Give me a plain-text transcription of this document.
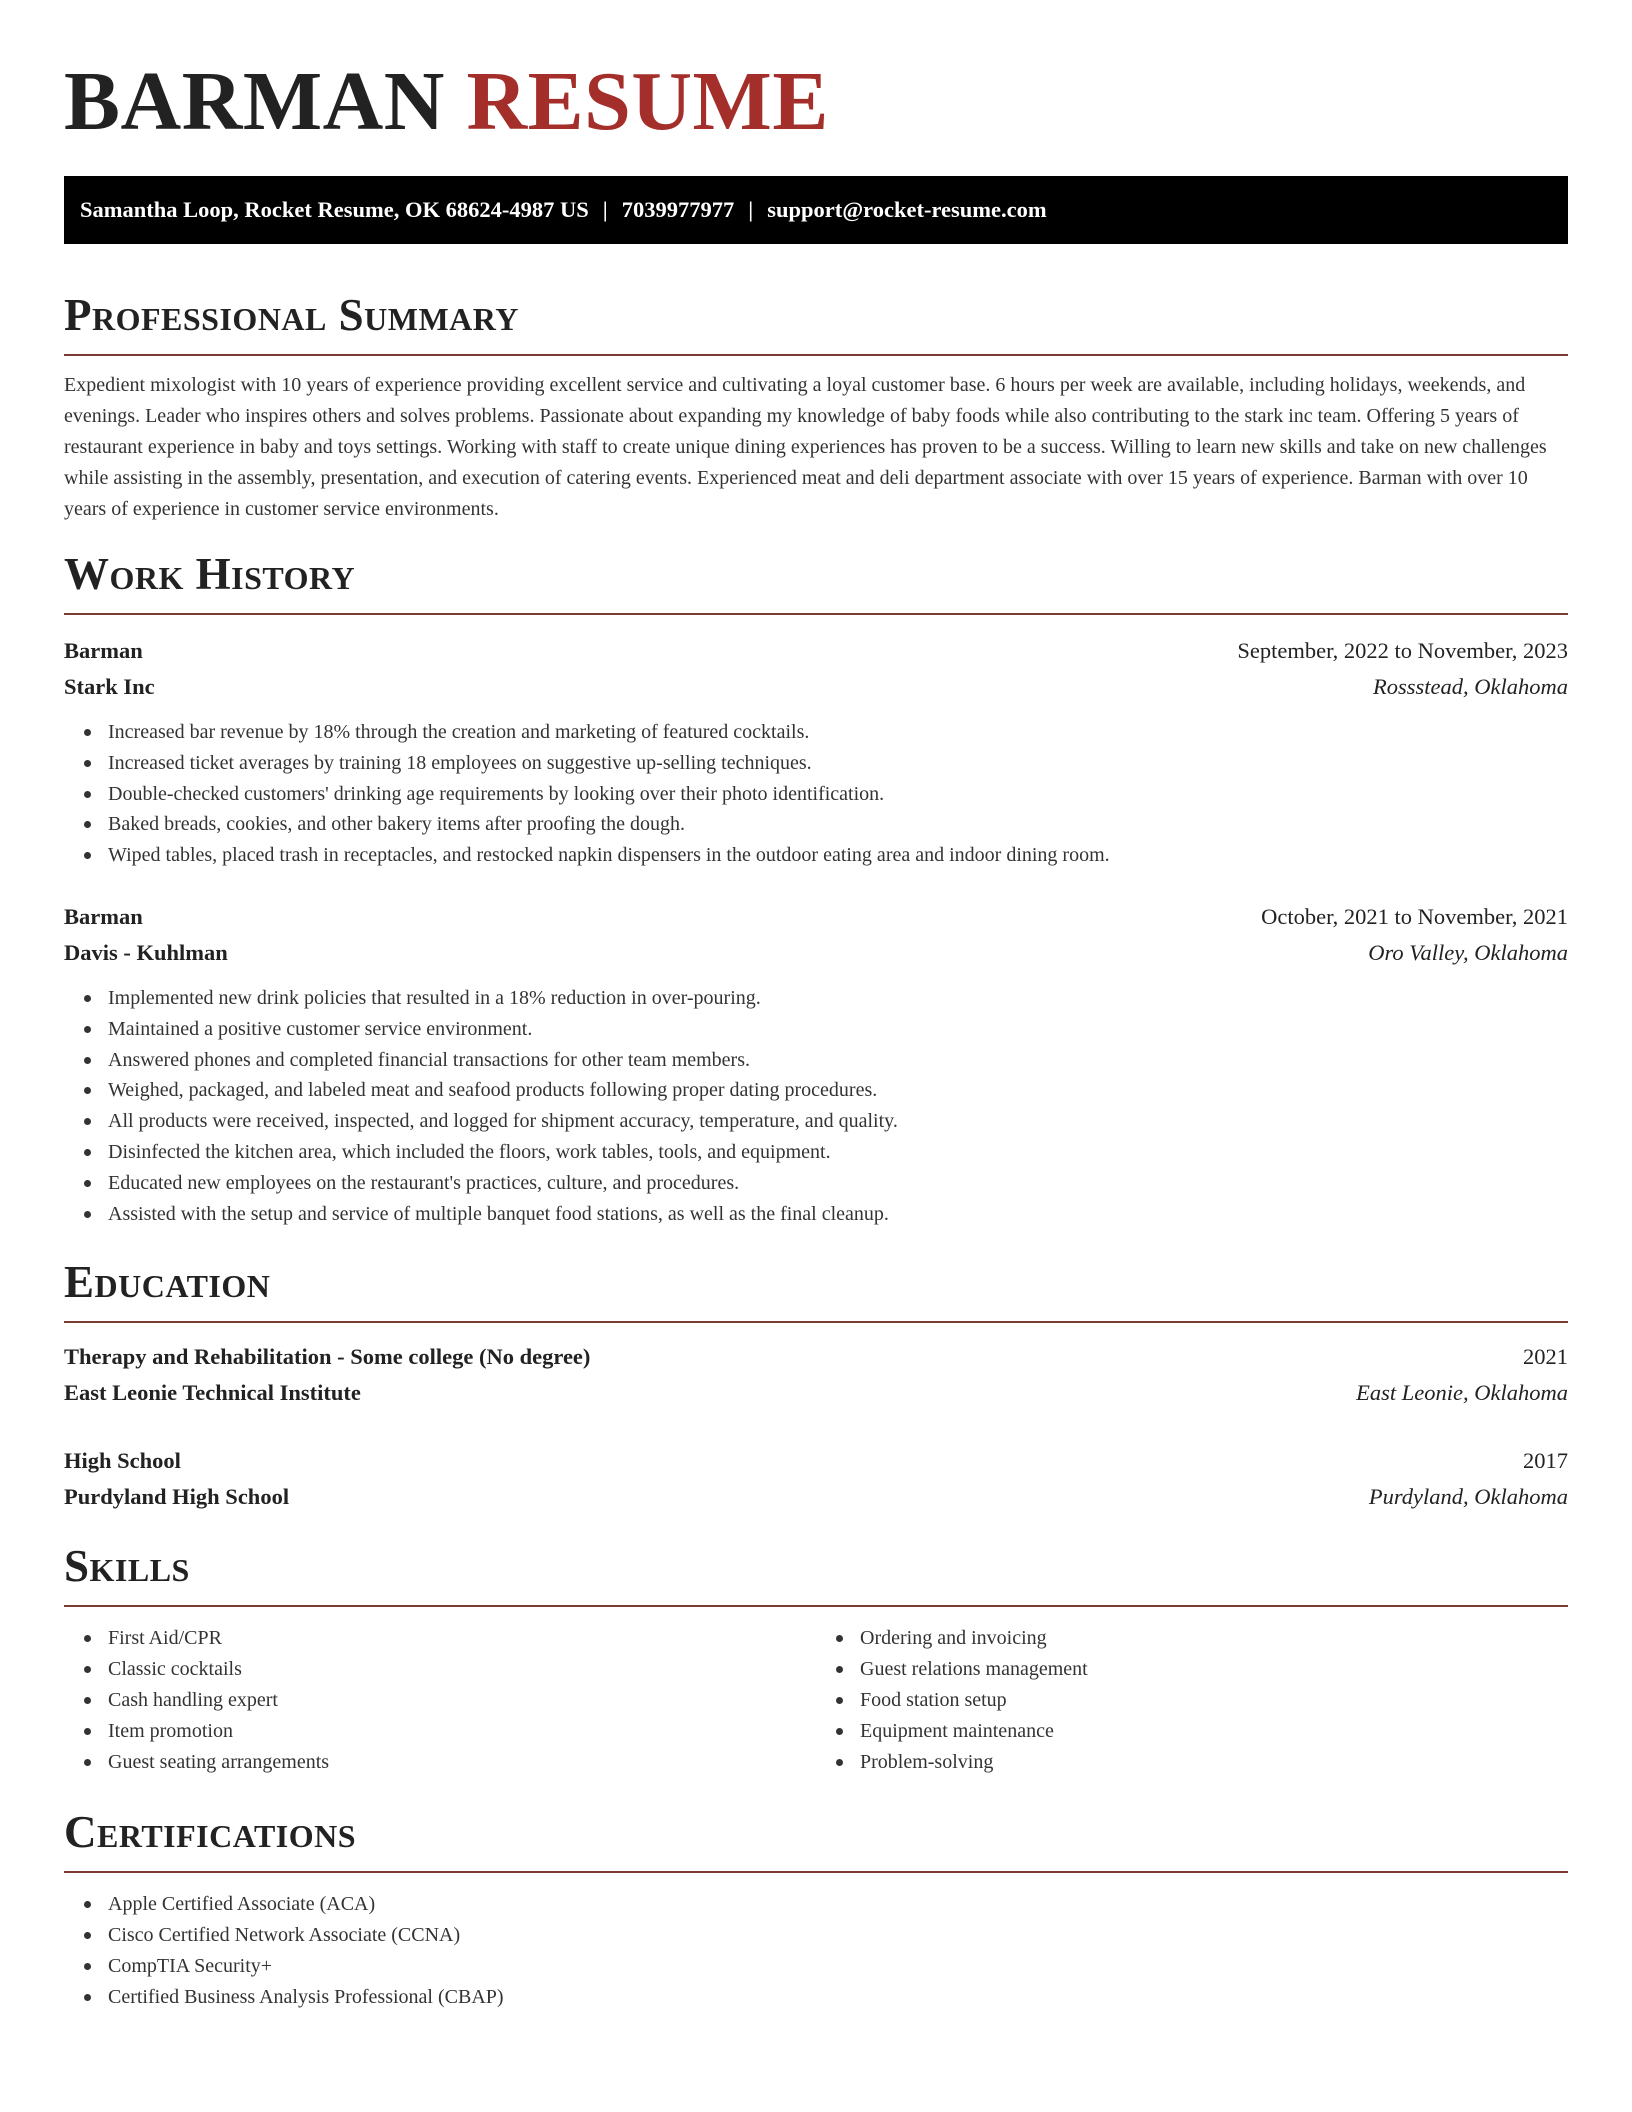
BARMAN RESUME
Samantha Loop, Rocket Resume, OK 68624-4987 US | 7039977977 | support@rocket-resume.com
Professional Summary

Expedient mixologist with 10 years of experience providing excellent service and cultivating a loyal customer base. 6 hours per week are available, including holidays, weekends, and evenings. Leader who inspires others and solves problems. Passionate about expanding my knowledge of baby foods while also contributing to the stark inc team. Offering 5 years of restaurant experience in baby and toys settings. Working with staff to create unique dining experiences has proven to be a success. Willing to learn new skills and take on new challenges while assisting in the assembly, presentation, and execution of catering events. Experienced meat and deli department associate with over 15 years of experience. Barman with over 10 years of experience in customer service environments.

Work History
Barman	September, 2022 to November, 2023
Stark Inc	Rossstead, Oklahoma
Increased bar revenue by 18% through the creation and marketing of featured cocktails.
Increased ticket averages by training 18 employees on suggestive up-selling techniques.
Double-checked customers' drinking age requirements by looking over their photo identification.
Baked breads, cookies, and other bakery items after proofing the dough.
Wiped tables, placed trash in receptacles, and restocked napkin dispensers in the outdoor eating area and indoor dining room.
Barman	October, 2021 to November, 2021
Davis - Kuhlman	Oro Valley, Oklahoma
Implemented new drink policies that resulted in a 18% reduction in over-pouring.
Maintained a positive customer service environment.
Answered phones and completed financial transactions for other team members.
Weighed, packaged, and labeled meat and seafood products following proper dating procedures.
All products were received, inspected, and logged for shipment accuracy, temperature, and quality.
Disinfected the kitchen area, which included the floors, work tables, tools, and equipment.
Educated new employees on the restaurant's practices, culture, and procedures.
Assisted with the setup and service of multiple banquet food stations, as well as the final cleanup.
Education
Therapy and Rehabilitation - Some college (No degree)	2021
East Leonie Technical Institute	East Leonie, Oklahoma
High School	2017
Purdyland High School	Purdyland, Oklahoma
Skills
First Aid/CPR
Classic cocktails
Cash handling expert
Item promotion
Guest seating arrangements
Ordering and invoicing
Guest relations management
Food station setup
Equipment maintenance
Problem-solving
Certifications
Apple Certified Associate (ACA)
Cisco Certified Network Associate (CCNA)
CompTIA Security+
Certified Business Analysis Professional (CBAP)
